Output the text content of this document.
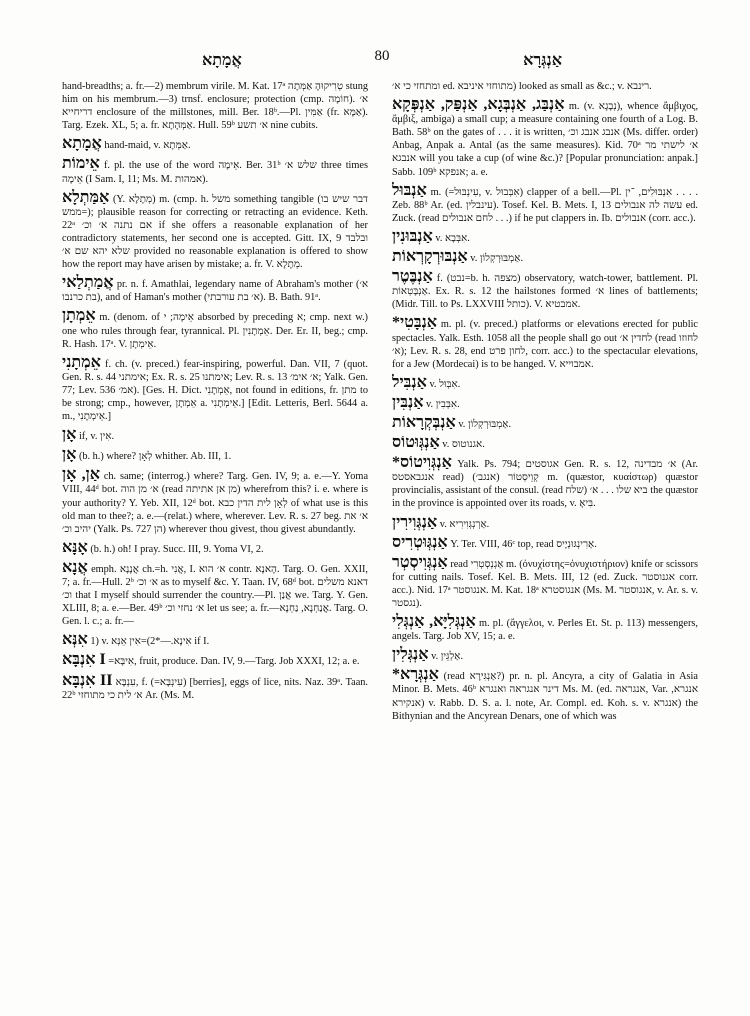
אֲמָתָא	80	אַנְגְּרָא
hand-breadths; a. fr.—2) membrum virile. M. Kat. 17ᵃ טְרִיקוּהָ אַמְּתָה stung him on his membrum.—3) trnsf. enclosure; protection (cmp. חוֹמָה). א׳ דריחייא enclosure of the millstones, mill. Ber. 18ᵇ.—Pl. אַמִּין (fr. אַמָּא). Targ. Ezek. XL, 5; a. fr. אַמְּהָתָא. Hull. 59ᵇ א׳ תשע nine cubits.
אֲמָתָא hand-maid, v. אַמְּתָא.
אֵימוֹת f. pl. the use of the word אֵימָה. Ber. 31ᵇ שלש א׳ three times אֵימָה (I Sam. I, 11; Ms. M. אמהות).
אַמַּתְלָא (Y. מְתָלָא) m. (cmp. h. משל something tangible (דבר שיש בו ממש=); plausible reason for correcting or retracting an evidence. Keth. 22ᵃ אם נתנה א׳ וכ׳ if she offers a reasonable explanation of her contradictory statements, her second one is accepted. Gitt. IX, 9 ובלבד שלא יהא שם א׳ provided no reasonable explanation is offered to show how the report may have arisen by mistake; a. fr. V. מְתָלָא.
אֲמַתְלַאי pr. n. f. Amathlai, legendary name of Abraham's mother (א׳ בת כרנבו), and of Haman's mother (א׳ בת עורבתי). B. Bath. 91ᵃ.
אֵמְתָן m. (denom. of אֵימָה; י absorbed by preceding א; cmp. next w.) one who rules through fear, tyrannical. Pl. אֵמְתָנִין. Der. Er. II, beg.; cmp. R. Hash. 17ᵃ. V. אֵימְתָן.
אֵמְתָנִי f. ch. (v. preced.) fear-inspiring, powerful. Dan. VII, 7 (quot. Gen. R. s. 44 אימתני; Ex. R. s. 25 אימתנו; Lev. R. s. 13 א׳ אימ׳; Yalk. Gen. 77; Lev. 536 אמ׳). [Ges. H. Dict. אֵמְתָנִי, not found in editions, fr. מתן to be strong; cmp., however, אֵמְתָן a. אֵימְתָנִי.] [Edit. Letteris, Berl. 5644 a. m., אֵימְתָנִי.]
אָן if, v. אִין.
אָן (b. h.) where? לְאָן whither. Ab. III, 1.
אַן, אָן ch. same; (interrog.) where? Targ. Gen. IV, 9; a. e.—Y. Yoma VIII, 44ᵈ bot. א׳ מן הוה (read מן אן אתיתה) wherefrom this? i. e. where is your authority? Y. Yeb. XII, 12ᵈ bot. לְאָן לית הדין כבא of what use is this old man to thee?; a. e.—(relat.) where, wherever. Lev. R. s. 27 beg. א׳ את יהיב וכ׳ (Yalk. Ps. 727 הן) wherever thou givest, thou givest abundantly.
אָנָּא (b. h.) oh! I pray. Succ. III, 9. Yoma VI, 2.
אֲנָא emph. אֲנָנָא ch.=h. אֲנִי, I. א׳ הוא contr. הָאנָא. Targ. O. Gen. XXII, 7; a. fr.—Hull. 2ᵇ א׳ וכ׳ as to myself &c. Y. Taan. IV, 68ᵈ bot. דאנא משלים וכ׳ that I myself should surrender the country.—Pl. אֲנַן we. Targ. Y. Gen. XLIII, 8; a. e.—Ber. 49ᵇ א׳ נחזי וכ׳ let us see; a. fr.—אֲנַחְנָא, נַחְנָא. Targ. O. Gen. l. c.; a. fr.—
אִנְּא 1) v. אִינָא.—*2)=אִין אֵנְּא if I.
אִנְבָּא I =אִיבָּא, fruit, produce. Dan. IV, 9.—Targ. Job XXXI, 12; a. e.
אִנְבָּא II עִנְבָּא, f. (=עִינְבָּא) [berries], eggs of lice, nits. Naz. 39ᵃ. Taan. 22ᵇ א׳ לית כי מתוחזי Ar. (Ms. M.
ומתחזי כי א׳ ed. מתוחזי איניבא) looked as small as &c.; v. רינבא.
אַנְבַּג, אַנְבְּגָא, אַנְפַּק, אַנְפְּקָא m. (v. נְבָגָא), whence ἄμβιχος, ἄμβιξ, ambiga) a small cup; a measure containing one fourth of a Log. B. Bath. 58ᵇ on the gates of . . . it is written, אנבג אנבג וכ׳ (Ms. differ. order) Anbag, Anpak a. Antal (as the same measures). Kid. 70ᵃ א׳ לישתי מר אנבגא will you take a cup (of wine &c.)? [Popular pronunciation: anpak.] Sabb. 109ᵇ אנפקא; a. e.
אַנְבּוּל m. (=עִינְבּוּל, v. אִבְּבוּל) clapper of a bell.—Pl. אִנְבּוּלִים, ־ין . . . . Zeb. 88ᵇ Ar. (ed. עינבלין). Tosef. Kel. B. Mets. I, 13 עשה לה אנבולים ed. Zuck. (read לחם אנבולים . . .) if he put clappers in. Ib. אנבולים (corr. acc.).
אַנְבּוּנִין v. אִבְּבָא.
אַנְבּוּרְקָרְאוֹת v. אַמְבּוּרְקְלוֹן.
אַנְבֶּטֶר f. (נבט=b. h. מצפה) observatory, watch-tower, battlement. Pl. אַנְבָּטְאוֹת. Ex. R. s. 12 the hailstones formed א׳ lines of battlements; (Midr. Till. to Ps. LXXVIII כותל). V. אמבטיא.
*אַנְבָּטִי m. pl. (v. preced.) platforms or elevations erected for public spectacles. Yalk. Esth. 1058 all the people shall go out לחדין א׳ (read לחוזו א׳); Lev. R. s. 28, end לחון פרט, corr. acc.) to the spectacular elevations, for a Jew (Mordecai) is to be hanged. V. אמבוייא.
אַנְבִּיל v. אִבְּוּל.
אַנְבִּין v. אִבְּבִין.
אַנְבְּקְרָאוֹת v. אַמְבּוּרְקְלוֹן.
אַנְגְּוּטוֹס v. אגנוטוס.
*אַנְגְּוִיטוֹס Yalk. Ps. 794; אגוסטים Gen. R. s. 12, א׳ מבדינה (Ar. אנגבאסטס read) קְוֵיסְטוֹר (אנגב׳) m. (quæstor, κυαίστωρ) quæstor provincialis, assistant of the consul. (read שלח) ביא שלו . . . א׳ the quæstor in the province is appointed over its roads, v. בִּיאָ.
אַנְגְּוִירִין v. אַרְנְגְּוִירִיא.
אַנְגְּוּטְרִיס Y. Ter. VIII, 46ᶜ top, read אַרִינְגּוּנְיָיס.
אַנְגְּוִיסְטְר read אַגְנְסְטְרִי m. (ὀνυχίστης=ὀνυχιστήριον) knife or scissors for cutting nails. Tosef. Kel. B. Mets. III, 12 (ed. Zuck. אגנוסטר corr. acc.). Nid. 17ᵃ אנגוסטר. M. Kat. 18ᵃ אנגוסטרא (Ms. M. אנגוסטר, v. Ar. s. v. נגסטר).
אַנְגְּלִיָּא, אַנְגְּלִי m. pl. (ἄγγελοι, v. Perles Et. St. p. 113) messengers, angels. Targ. Job XV, 15; a. e.
אַנְגְּלִין v. אַלְגֵּין.
*אַנְגְּרָא (read אַנְגִּירָא?) pr. n. pl. Ancyra, a city of Galatia in Asia Minor. B. Mets. 46ᵇ דינר אנגראה ואנגרא Ms. M. (ed. אנגראה, Var. אנגרא, אנקירא) v. Rabb. D. S. a. l. note, Ar. Compl. ed. Koh. s. v. אנגרא) the Bithynian and the Ancyrean Denars, one of which was
